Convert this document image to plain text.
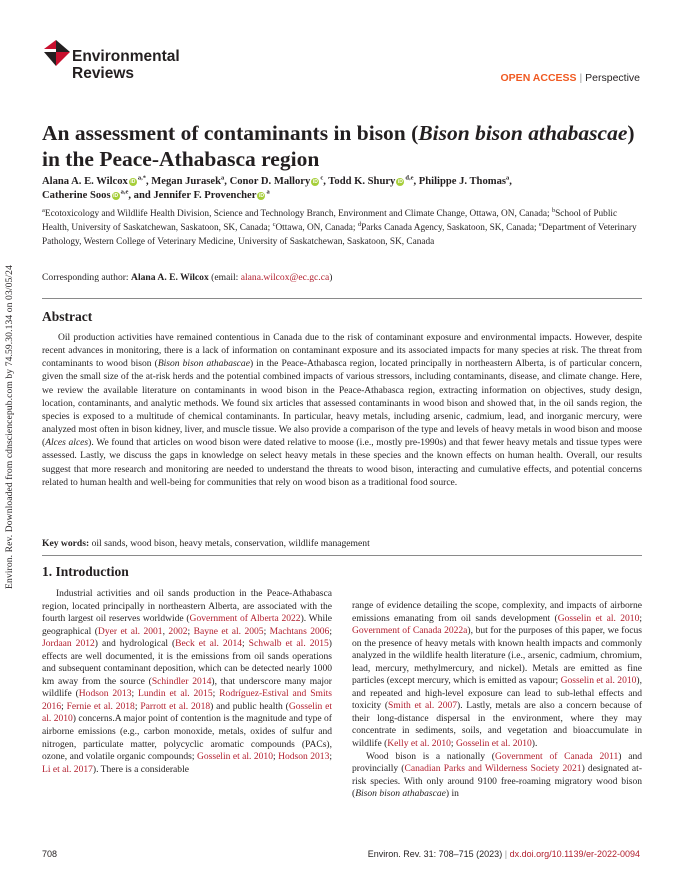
Environ. Rev. Downloaded from cdnsciencepub.com by 74.59.30.134 on 03/05/24
Environmental
Reviews	OPEN ACCESS | Perspective
An assessment of contaminants in bison (Bison bison athabascae) in the Peace-Athabasca region
Alana A. E. Wilcox $iD^{a,*}$, Megan Jurasek$^a$, Conor D. Mallory $iD^c$, Todd K. Shury iD$^{d,e}$, Philippe J. Thomas$^a$,
Catherine Soos iD$^{a,e}$, and Jennifer F. Provencher $iD^a$
$^a$Ecotoxicology and Wildlife Health Division, Science and Technology Branch, Environment and Climate Change, Ottawa, ON, Canada; $^b$School of Public Health, University of Saskatchewan, Saskatoon, SK, Canada; $^c$Ottawa, ON, Canada; $^d$Parks Canada Agency, Saskatoon, SK, Canada; $^e$Department of Veterinary Pathology, Western College of Veterinary Medicine, University of Saskatchewan, Saskatoon, SK, Canada
Corresponding author: Alana A. E. Wilcox (email: alana.wilcox@ec.gc.ca)
Abstract

Oil production activities have remained contentious in Canada due to the risk of contaminant exposure and environmental impacts. However, despite recent advances in monitoring, there is a lack of information on contaminant exposure and its associated impacts for many species at risk. The threat from contaminants to wood bison (Bison bison athabascae) in the Peace-Athabasca region, located principally in northeastern Alberta, is of particular concern, given the small size of the at-risk herds and the potential combined impacts of various stressors, including contaminants, disease, and climate change. Here, we review the available literature on contaminants in wood bison in the Peace-Athabasca region, extracting information on objectives, study design, location, contaminants, and analytic methods. We found six articles that assessed contaminants in wood bison and showed that, in the oil sands region, the species is exposed to a multitude of chemical contaminants. In particular, heavy metals, including arsenic, cadmium, lead, and inorganic mercury, were analyzed most often in bison kidney, liver, and muscle tissue. We also provide a comparison of the type and levels of heavy metals in wood bison and moose (Alces alces). We found that articles on wood bison were dated relative to moose (i.e., mostly pre-1990s) and that fewer heavy metals and tissue types were assessed. Lastly, we discuss the gaps in knowledge on select heavy metals in these species and the known effects on human health. Overall, our results suggest that more research and monitoring are needed to understand the threats to wood bison, interacting and cumulative effects, and potential concerns related to human health and well-being for communities that rely on wood bison as a traditional food source.

Key words: oil sands, wood bison, heavy metals, conservation, wildlife management
1. Introduction

Industrial activities and oil sands production in the Peace-Athabasca region, located principally in northeastern Alberta, are associated with the fourth largest oil reserves worldwide (Government of Alberta 2022). While geographical (Dyer et al. 2001, 2002; Bayne et al. 2005; Machtans 2006; Jordaan 2012) and hydrological (Beck et al. 2014; Schwalb et al. 2015) effects are well documented, it is the emissions from oil sands operations and subsequent contaminant deposition, which can be detected nearly 1000 km away from the source (Schindler 2014), that underscore many major wildlife (Hodson 2013; Lundin et al. 2015; Rodríguez-Estival and Smits 2016; Fernie et al. 2018; Parrott et al. 2018) and public health (Gosselin et al. 2010) concerns.A major point of contention is the magnitude and type of airborne emissions (e.g., carbon monoxide, metals, oxides of sulfur and nitrogen, particulate matter, polycyclic aromatic compounds (PACs), ozone, and volatile organic compounds; Gosselin et al. 2010; Hodson 2013; Li et al. 2017). There is a considerable

range of evidence detailing the scope, complexity, and impacts of airborne emissions emanating from oil sands development (Gosselin et al. 2010; Government of Canada 2022a), but for the purposes of this paper, we focus on the presence of heavy metals with known health impacts and commonly analyzed in the wildlife health literature (i.e., arsenic, cadmium, chromium, lead, mercury, methylmercury, and nickel). Metals are emitted as fine particles (except mercury, which is emitted as vapour; Gosselin et al. 2010), and repeated and high-level exposure can lead to sub-lethal effects and toxicity (Smith et al. 2007). Lastly, metals are also a concern because of their long-distance dispersal in the environment, where they may concentrate in sediments, soils, and vegetation and bioaccumulate in wildlife (Kelly et al. 2010; Gosselin et al. 2010).
Wood bison is a nationally (Government of Canada 2011) and provincially (Canadian Parks and Wilderness Society 2021) designated at-risk species. With only around 9100 free-roaming migratory wood bison (Bison bison athabascae) in
708	Environ. Rev. 31: 708–715 (2023) | dx.doi.org/10.1139/er-2022-0094
